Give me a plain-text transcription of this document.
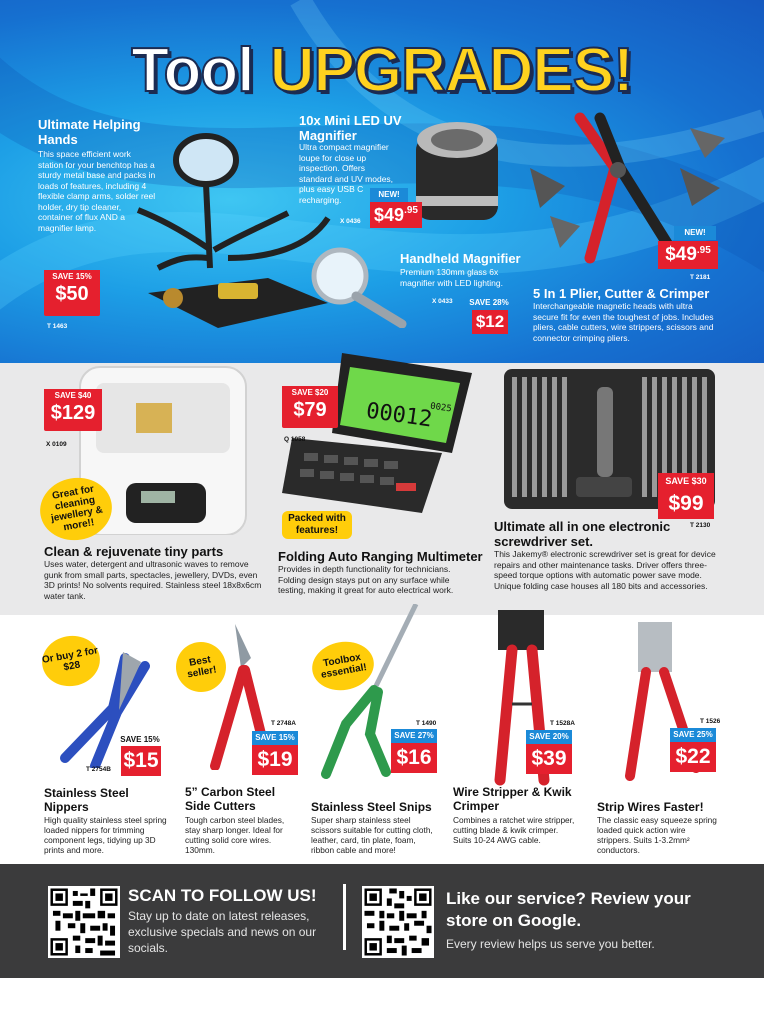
Tool UPGRADES!
Ultimate Helping Hands
This space efficient work station for your benchtop has a sturdy metal base and packs in loads of features, including 4 flexible clamp arms, solder reel holder, dry tip cleaner, container of flux AND a magnifier lamp.
SAVE 15%
$50
T 1463
10x Mini LED UV Magnifier
Ultra compact magnifier loupe for close up inspection. Offers standard and UV modes, plus easy USB C recharging.	NEW!
$\$49^{.95}$
X 0436
Handheld Magnifier
Premium 130mm glass 6x magnifier with LED lighting.
X 0433	SAVE 28%
$12
NEW!
$\$49^{.95}$
T 2181
5 In 1 Plier, Cutter & Crimper
Interchangeable magnetic heads with ultra secure fit for even the toughest of jobs. Includes pliers, cable cutters, wire strippers, scissors and connector crimping pliers.
SAVE $40
$129
X 0109
Great for cleaning jewellery & more!!
Clean & rejuvenate tiny parts
Uses water, detergent and ultrasonic waves to remove gunk from small parts, spectacles, jewellery, DVDs, even 3D prints! No solvents required. Stainless steel 18x8x6cm water tank.
00012
0025
SAVE $20
$79
Q 1058
Packed with features!
Folding Auto Ranging Multimeter
Provides in depth functionality for technicians. Folding design stays put on any surface while testing, making it great for auto electrical work.
SAVE $30
$99
T 2130
Ultimate all in one electronic screwdriver set.
This Jakemy® electronic screwdriver set is great for device repairs and other maintenance tasks. Driver offers three-speed torque options with automatic power save mode. Unique folding case houses all 180 bits and accessories.
Or buy 2 for $28
SAVE 15%
$15
T 2754B
Stainless Steel Nippers
High quality stainless steel spring loaded nippers for trimming component legs, tidying up 3D prints and more.
Best seller!
T 2748A
SAVE 15%
$19
5” Carbon Steel Side Cutters
Tough carbon steel blades, stay sharp longer. Ideal for cutting solid core wires. 130mm.
Toolbox essential!
T 1490
SAVE 27%
$16
Stainless Steel Snips
Super sharp stainless steel scissors suitable for cutting cloth, leather, card, tin plate, foam, ribbon cable and more!
T 1528A
SAVE 20%
$39
Wire Stripper & Kwik Crimper
Combines a ratchet wire stripper, cutting blade & kwik crimper. Suits 10-24 AWG cable.
T 1526
SAVE 25%
$22
Strip Wires Faster!
The classic easy squeeze spring loaded quick action wire strippers. Suits 1-3.2mm² conductors.
SCAN TO FOLLOW US!
Stay up to date on latest releases, exclusive specials and news on our socials.
Like our service? Review your store on Google.
Every review helps us serve you better.
